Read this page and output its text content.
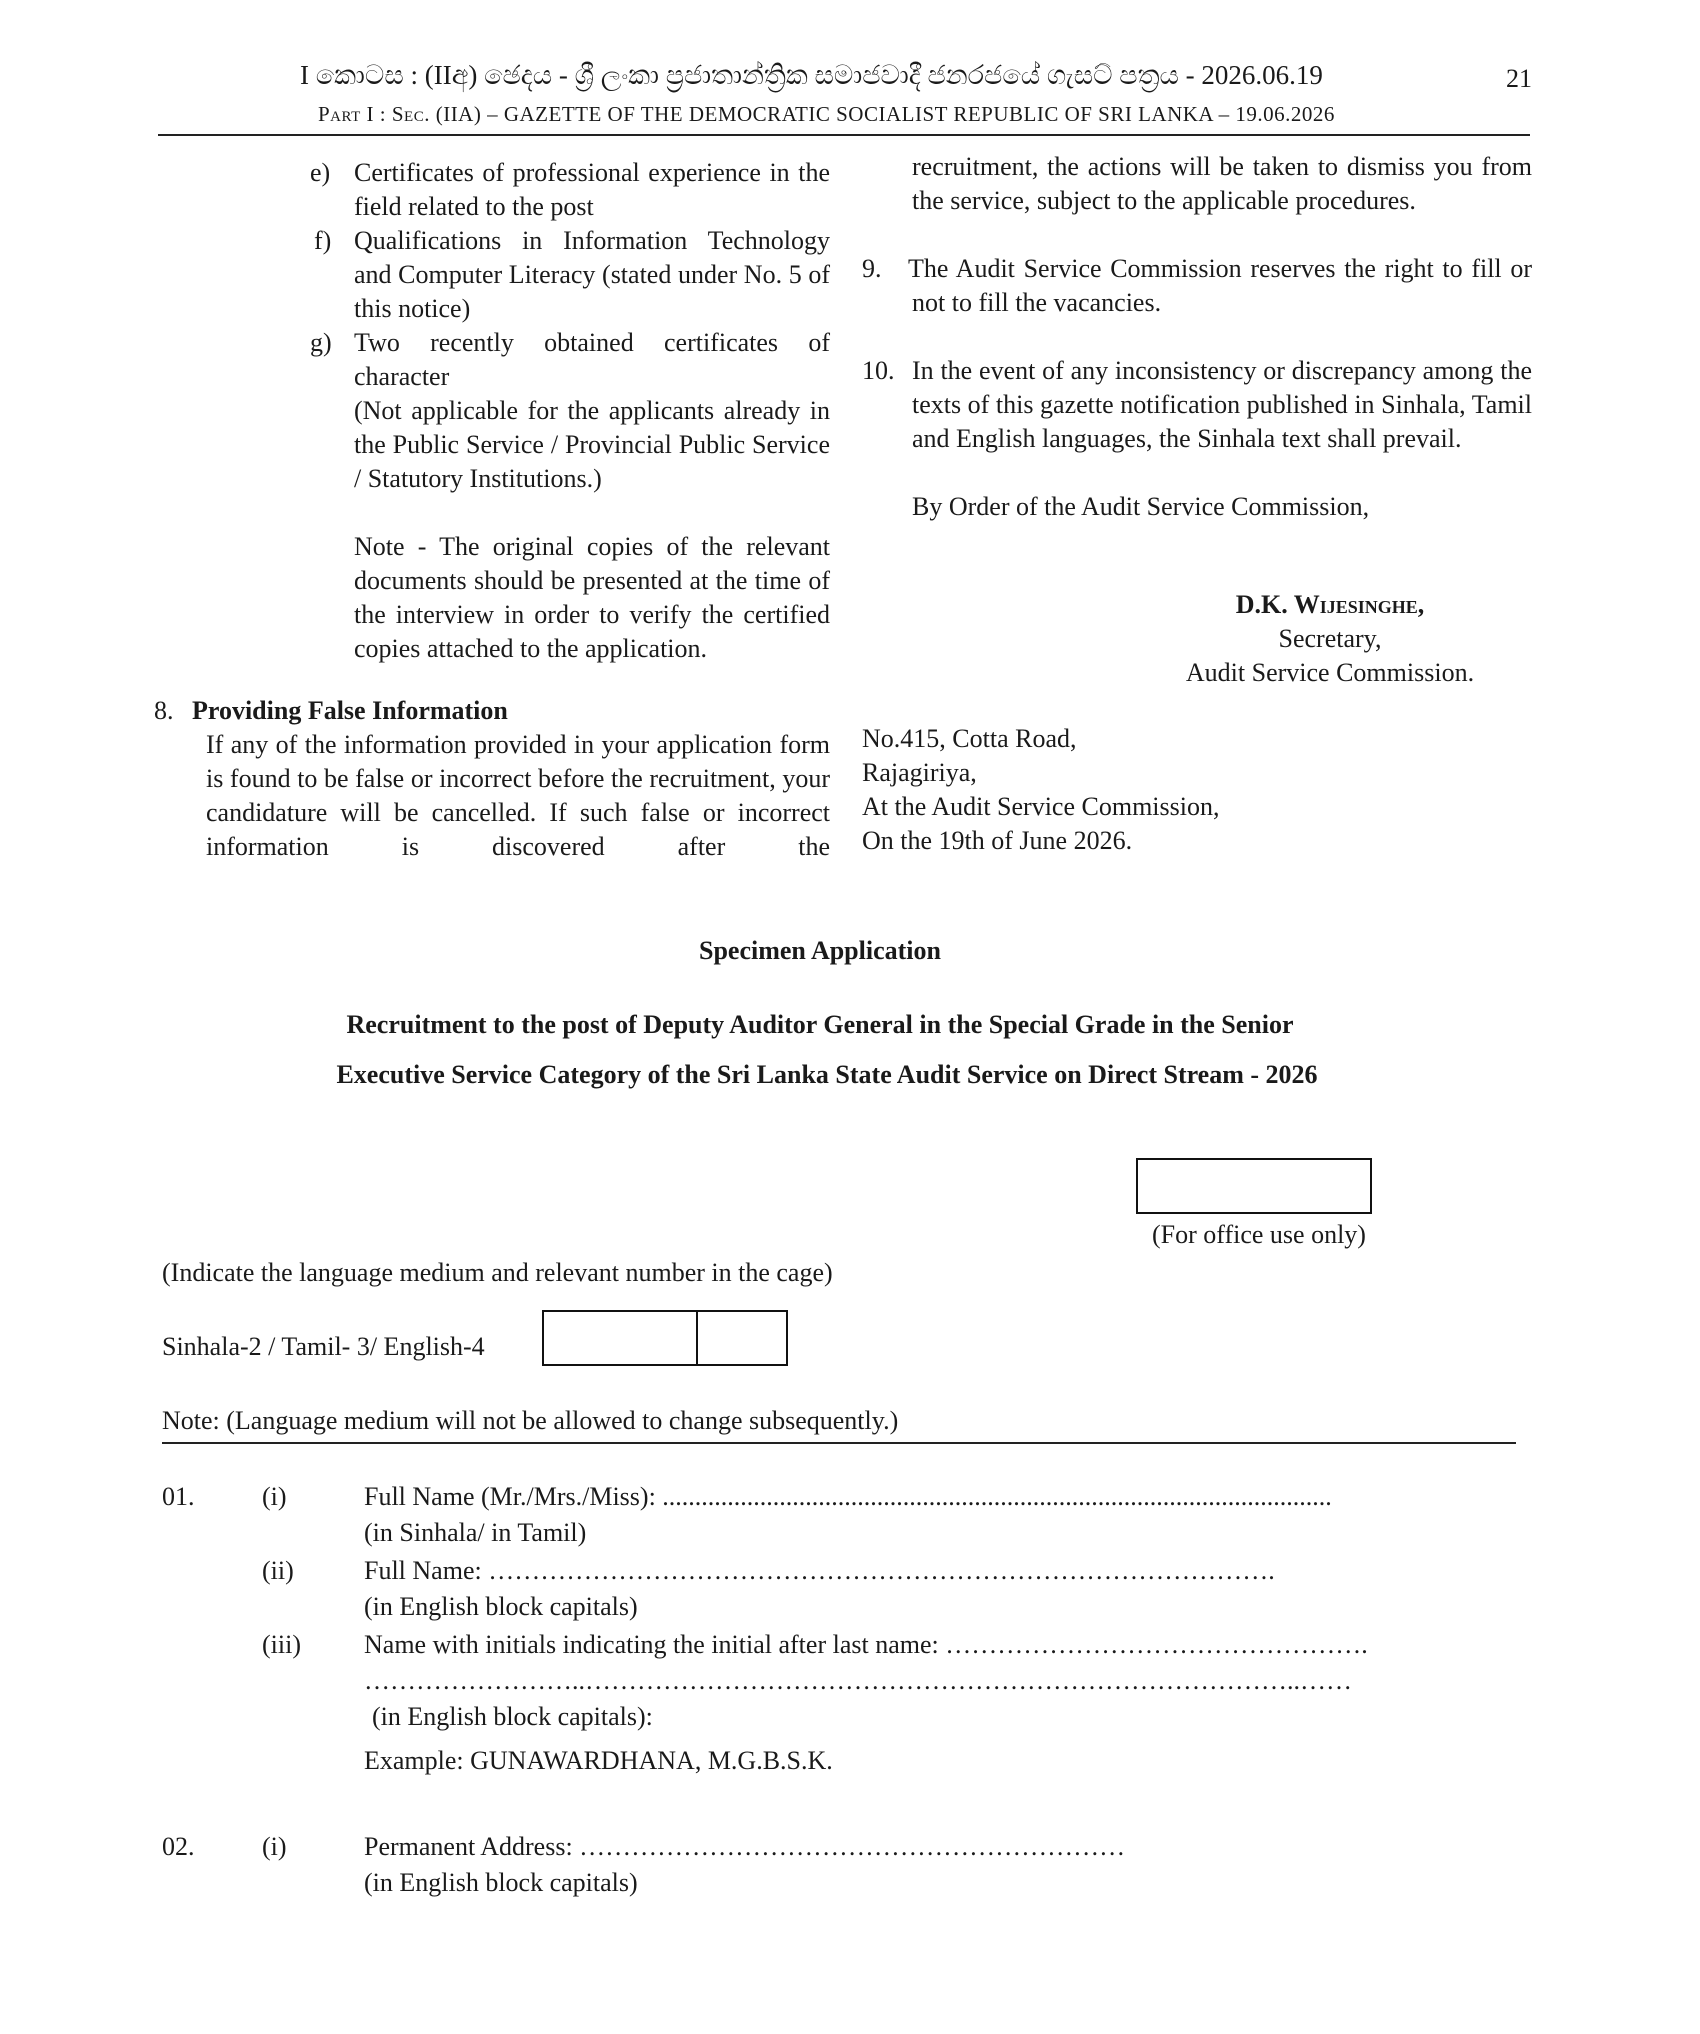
I කොටස : (IIඅ) ඡෙදය - ශ්‍රී ලංකා ප්‍රජාතාන්ත්‍රික සමාජවාදී ජනරජයේ ගැසට් පත්‍රය - 2026.06.19	21
Part I : Sec. (IIA) – GAZETTE OF THE DEMOCRATIC SOCIALIST REPUBLIC OF SRI LANKA – 19.06.2026
e) Certificates of professional experience in the field related to the post
f) Qualifications in Information Technology and Computer Literacy (stated under No. 5 of this notice)
g) Two recently obtained certificates of character
(Not applicable for the applicants already in the Public Service / Provincial Public Service / Statutory Institutions.)
Note - The original copies of the relevant documents should be presented at the time of the interview in order to verify the certified copies attached to the application.
8. Providing False Information
If any of the information provided in your application form is found to be false or incorrect before the recruitment, your candidature will be cancelled. If such false or incorrect information is discovered after the
recruitment, the actions will be taken to dismiss you from the service, subject to the applicable procedures.
9. The Audit Service Commission reserves the right to fill or not to fill the vacancies.
10. In the event of any inconsistency or discrepancy among the texts of this gazette notification published in Sinhala, Tamil and English languages, the Sinhala text shall prevail.
By Order of the Audit Service Commission,
D.K. Wijesinghe,
Secretary,
Audit Service Commission.
No.415, Cotta Road,
Rajagiriya,
At the Audit Service Commission,
On the 19th of June 2026.
Specimen Application
Recruitment to the post of Deputy Auditor General in the Special Grade in the Senior
Executive Service Category of the Sri Lanka State Audit Service on Direct Stream - 2026
(For office use only)
(Indicate the language medium and relevant number in the cage)
Sinhala-2 / Tamil- 3/ English-4
Note: (Language medium will not be allowed to change subsequently.)
01.	(i)	Full Name (Mr./Mrs./Miss): .......................................................................................................
(in Sinhala/ in Tamil)
(ii)	Full Name: ……………………………………………………………………………….
(in English block capitals)
(iii) Name with initials indicating the initial after last name: ………………………………………….
……………………..………………………………………………………………………..……
(in English block capitals):
Example: GUNAWARDHANA, M.G.B.S.K.
02.	(i)	Permanent Address: ………………………………………………………
(in English block capitals)
